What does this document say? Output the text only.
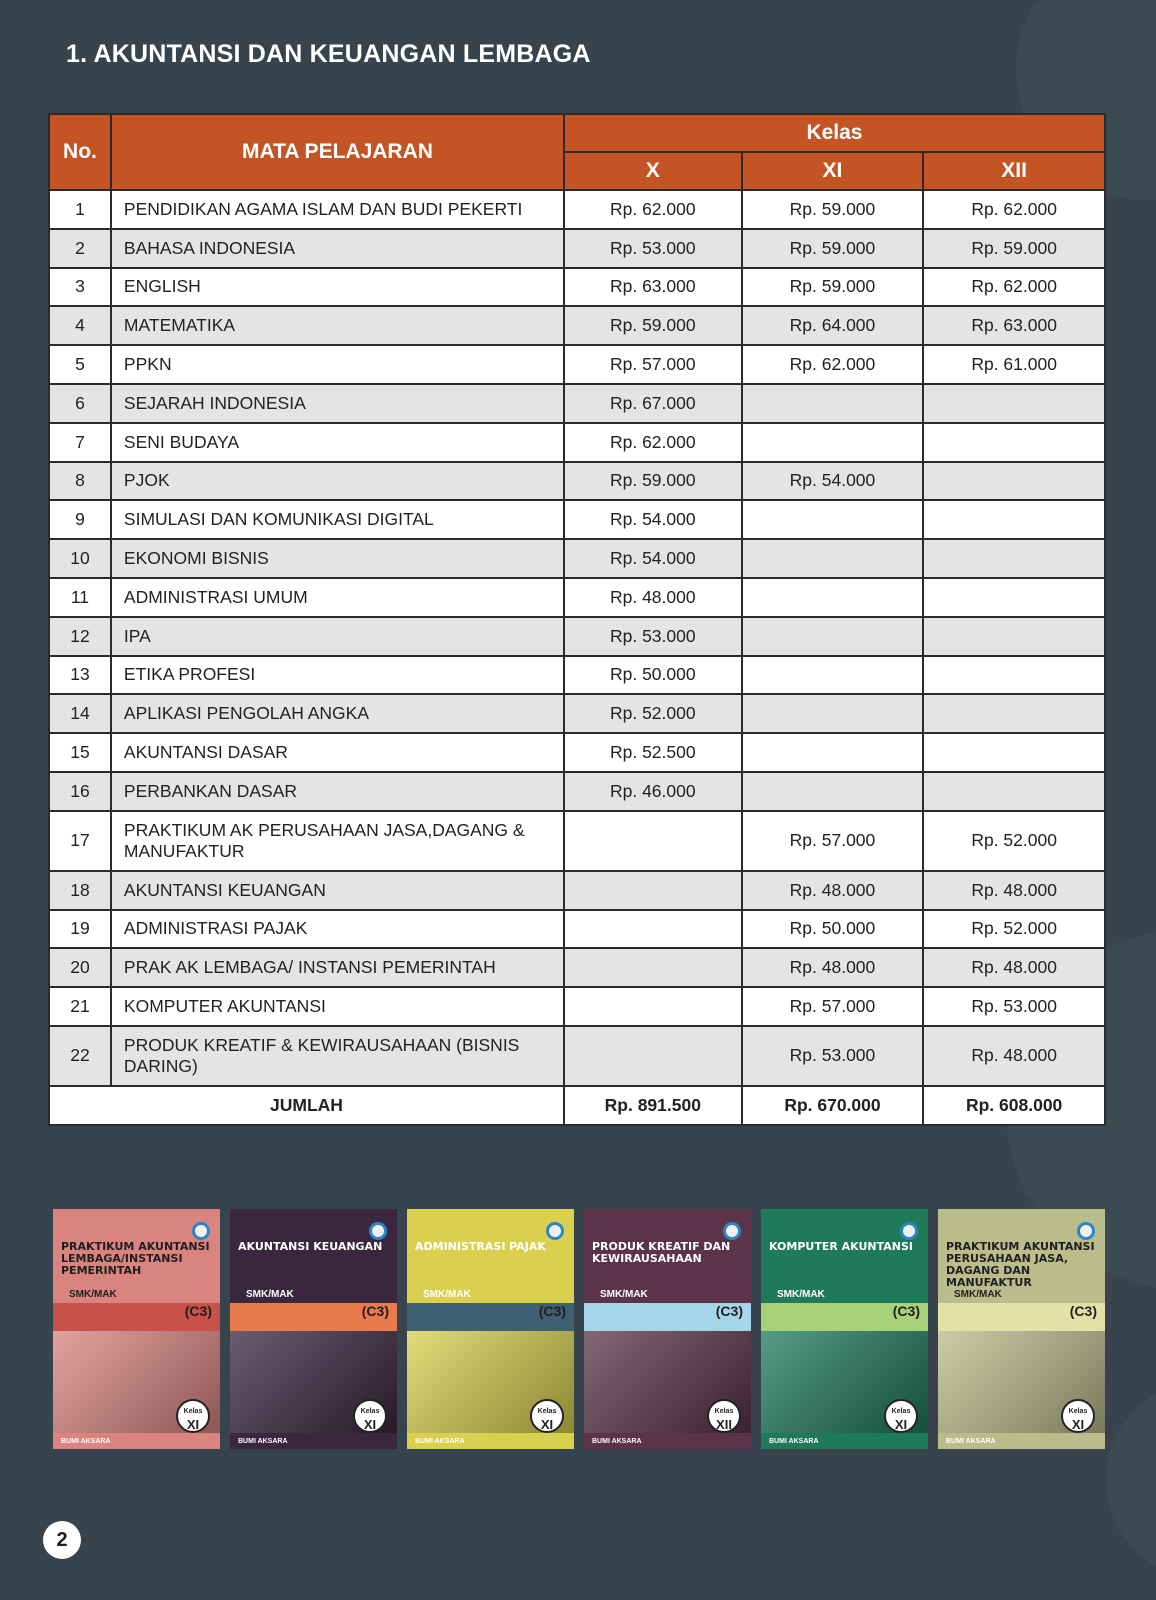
1. AKUNTANSI DAN KEUANGAN LEMBAGA
No.	MATA PELAJARAN	Kelas		
		X	XI	XII
1	PENDIDIKAN AGAMA ISLAM DAN BUDI PEKERTI	Rp. 62.000	Rp. 59.000	Rp. 62.000
2	BAHASA INDONESIA	Rp. 53.000	Rp. 59.000	Rp. 59.000
3	ENGLISH	Rp. 63.000	Rp. 59.000	Rp. 62.000
4	MATEMATIKA	Rp. 59.000	Rp. 64.000	Rp. 63.000
5	PPKN	Rp. 57.000	Rp. 62.000	Rp. 61.000
6	SEJARAH INDONESIA	Rp. 67.000		
7	SENI BUDAYA	Rp. 62.000		
8	PJOK	Rp. 59.000	Rp. 54.000	
9	SIMULASI DAN KOMUNIKASI DIGITAL	Rp. 54.000		
10	EKONOMI BISNIS	Rp. 54.000		
11	ADMINISTRASI UMUM	Rp. 48.000		
12	IPA	Rp. 53.000		
13	ETIKA PROFESI	Rp. 50.000		
14	APLIKASI PENGOLAH ANGKA	Rp. 52.000		
15	AKUNTANSI DASAR	Rp. 52.500		
16	PERBANKAN DASAR	Rp. 46.000		
17	PRAKTIKUM AK PERUSAHAAN JASA,DAGANG & MANUFAKTUR		Rp. 57.000	Rp. 52.000
18	AKUNTANSI KEUANGAN		Rp. 48.000	Rp. 48.000
19	ADMINISTRASI PAJAK		Rp. 50.000	Rp. 52.000
20	PRAK AK LEMBAGA/ INSTANSI PEMERINTAH		Rp. 48.000	Rp. 48.000
21	KOMPUTER AKUNTANSI		Rp. 57.000	Rp. 53.000
22	PRODUK KREATIF & KEWIRAUSAHAAN (BISNIS DARING)		Rp. 53.000	Rp. 48.000
JUMLAH		Rp. 891.500	Rp. 670.000	Rp. 608.000
PRAKTIKUM AKUNTANSI LEMBAGA/INSTANSI PEMERINTAH
SMK/MAK
(C3)
Kelas
XI
BUMI AKSARA
AKUNTANSI KEUANGAN
SMK/MAK
(C3)
Kelas
XI
BUMI AKSARA
ADMINISTRASI PAJAK
SMK/MAK
(C3)
Kelas
XI
BUMI AKSARA
PRODUK KREATIF DAN KEWIRAUSAHAAN
SMK/MAK
(C3)
Kelas
XII
BUMI AKSARA
KOMPUTER AKUNTANSI
SMK/MAK
(C3)
Kelas
XI
BUMI AKSARA
PRAKTIKUM AKUNTANSI PERUSAHAAN JASA, DAGANG DAN MANUFAKTUR
SMK/MAK
(C3)
Kelas
XI
BUMI AKSARA
2
